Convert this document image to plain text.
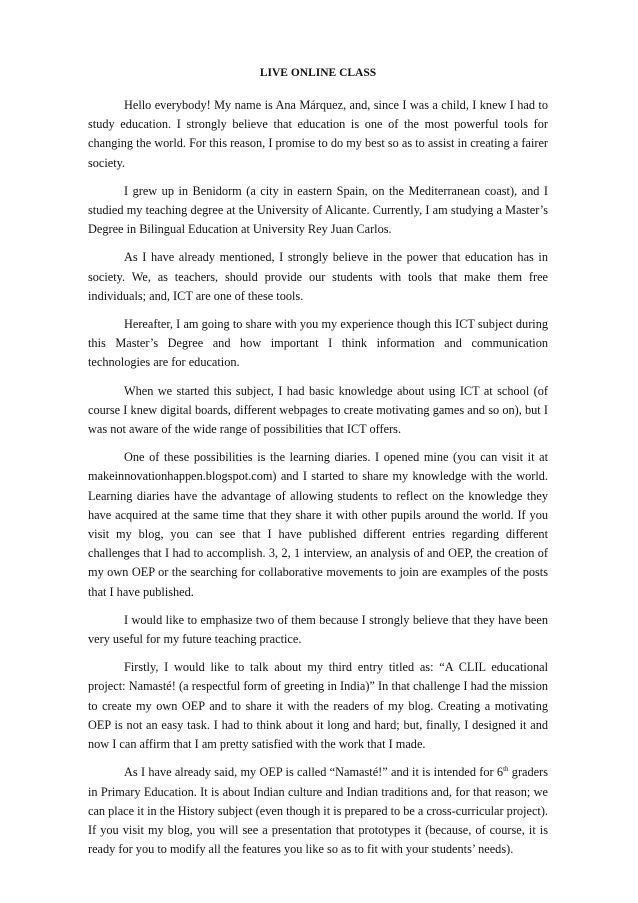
LIVE ONLINE CLASS

Hello everybody! My name is Ana Márquez, and, since I was a child, I knew I had to study education. I strongly believe that education is one of the most powerful tools for changing the world. For this reason, I promise to do my best so as to assist in creating a fairer society.

I grew up in Benidorm (a city in eastern Spain, on the Mediterranean coast), and I studied my teaching degree at the University of Alicante. Currently, I am studying a Master’s Degree in Bilingual Education at University Rey Juan Carlos.

As I have already mentioned, I strongly believe in the power that education has in society. We, as teachers, should provide our students with tools that make them free individuals; and, ICT are one of these tools.

Hereafter, I am going to share with you my experience though this ICT subject during this Master’s Degree and how important I think information and communication technologies are for education.

When we started this subject, I had basic knowledge about using ICT at school (of course I knew digital boards, different webpages to create motivating games and so on), but I was not aware of the wide range of possibilities that ICT offers.

One of these possibilities is the learning diaries. I opened mine (you can visit it at makeinnovationhappen.blogspot.com) and I started to share my knowledge with the world. Learning diaries have the advantage of allowing students to reflect on the knowledge they have acquired at the same time that they share it with other pupils around the world. If you visit my blog, you can see that I have published different entries regarding different challenges that I had to accomplish. 3, 2, 1 interview, an analysis of and OEP, the creation of my own OEP or the searching for collaborative movements to join are examples of the posts that I have published.

I would like to emphasize two of them because I strongly believe that they have been very useful for my future teaching practice.

Firstly, I would like to talk about my third entry titled as: “A CLIL educational project: Namasté! (a respectful form of greeting in India)” In that challenge I had the mission to create my own OEP and to share it with the readers of my blog. Creating a motivating OEP is not an easy task. I had to think about it long and hard; but, finally, I designed it and now I can affirm that I am pretty satisfied with the work that I made.

As I have already said, my OEP is called “Namasté!” and it is intended for 6th graders in Primary Education. It is about Indian culture and Indian traditions and, for that reason; we can place it in the History subject (even though it is prepared to be a cross-curricular project). If you visit my blog, you will see a presentation that prototypes it (because, of course, it is ready for you to modify all the features you like so as to fit with your students’ needs).
